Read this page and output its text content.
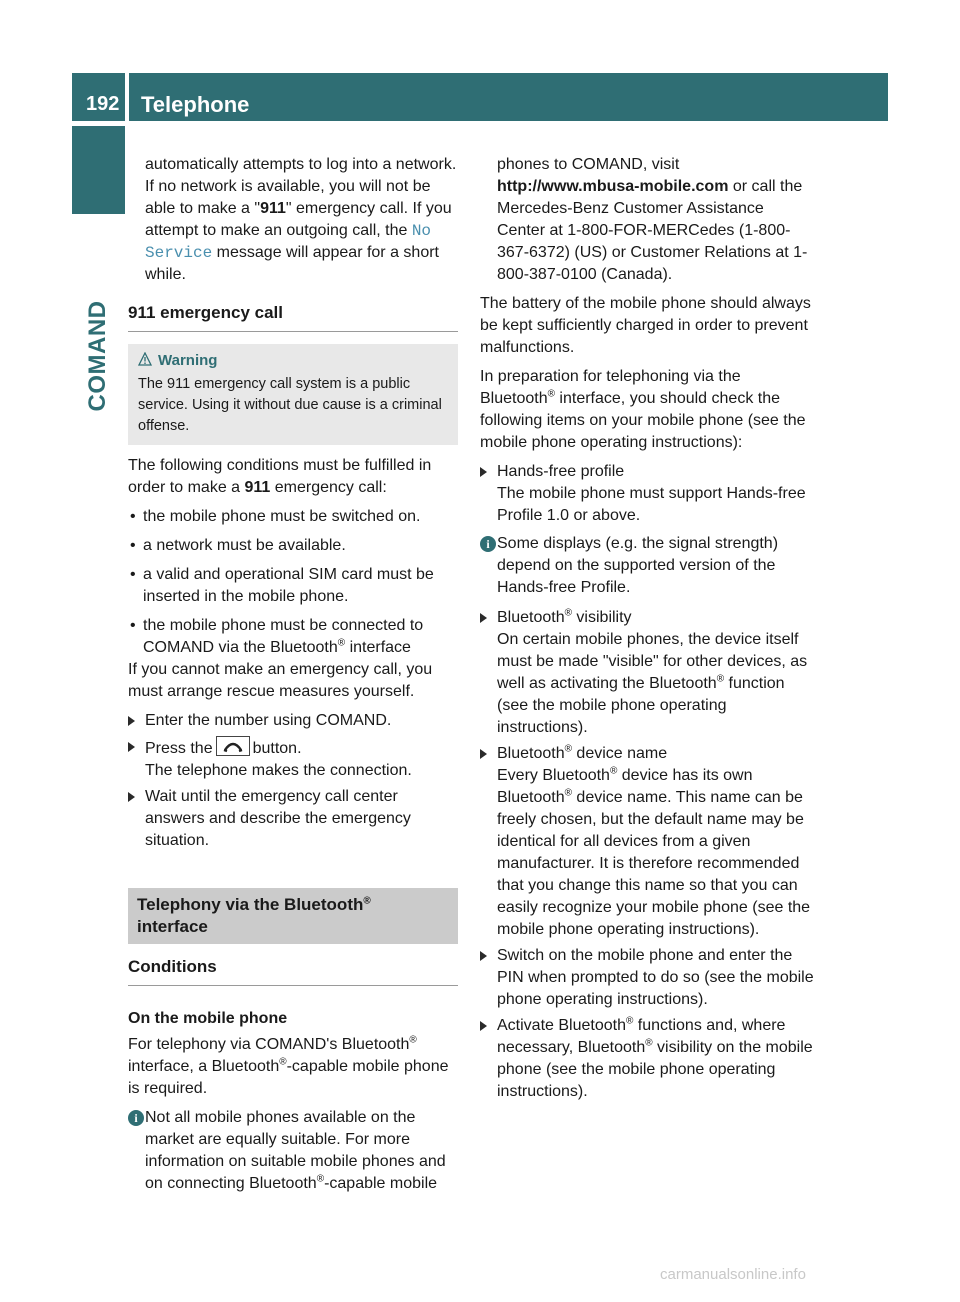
192 Telephone
COMAND

automatically attempts to log into a network. If no network is available, you will not be able to make a "911" emergency call. If you attempt to make an outgoing call, the No Service message will appear for a short while.

911 emergency call
Warning
The 911 emergency call system is a public service. Using it without due cause is a criminal offense.

The following conditions must be fulfilled in order to make a 911 emergency call:

• the mobile phone must be switched on.
• a network must be available.
• a valid and operational SIM card must be inserted in the mobile phone.
• the mobile phone must be connected to COMAND via the Bluetooth® interface

If you cannot make an emergency call, you must arrange rescue measures yourself.

Enter the number using COMAND.
Press the	button.
The telephone makes the connection.
Wait until the emergency call center answers and describe the emergency situation.
Telephony via the Bluetooth®
interface
Conditions
On the mobile phone

For telephony via COMAND's Bluetooth®
interface, a Bluetooth®-capable mobile phone is required.

i Not all mobile phones available on the market are equally suitable. For more information on suitable mobile phones and on connecting Bluetooth®-capable mobile

phones to COMAND, visit
http://www.mbusa-mobile.com or call the Mercedes-Benz Customer Assistance Center at 1-800-FOR-MERCedes (1-800-367-6372) (US) or Customer Relations at 1-800-387-0100 (Canada).

The battery of the mobile phone should always be kept sufficiently charged in order to prevent malfunctions.

In preparation for telephoning via the Bluetooth® interface, you should check the following items on your mobile phone (see the mobile phone operating instructions):

Hands-free profile
The mobile phone must support Hands-free Profile 1.0 or above.
i Some displays (e.g. the signal strength) depend on the supported version of the Hands-free Profile.
Bluetooth® visibility
On certain mobile phones, the device itself must be made "visible" for other devices, as well as activating the Bluetooth® function (see the mobile phone operating instructions).
Bluetooth® device name
Every Bluetooth® device has its own Bluetooth® device name. This name can be freely chosen, but the default name may be identical for all devices from a given manufacturer. It is therefore recommended that you change this name so that you can easily recognize your mobile phone (see the mobile phone operating instructions).
Switch on the mobile phone and enter the PIN when prompted to do so (see the mobile phone operating instructions).
Activate Bluetooth® functions and, where necessary, Bluetooth® visibility on the mobile phone (see the mobile phone operating instructions).
carmanualsonline.info
